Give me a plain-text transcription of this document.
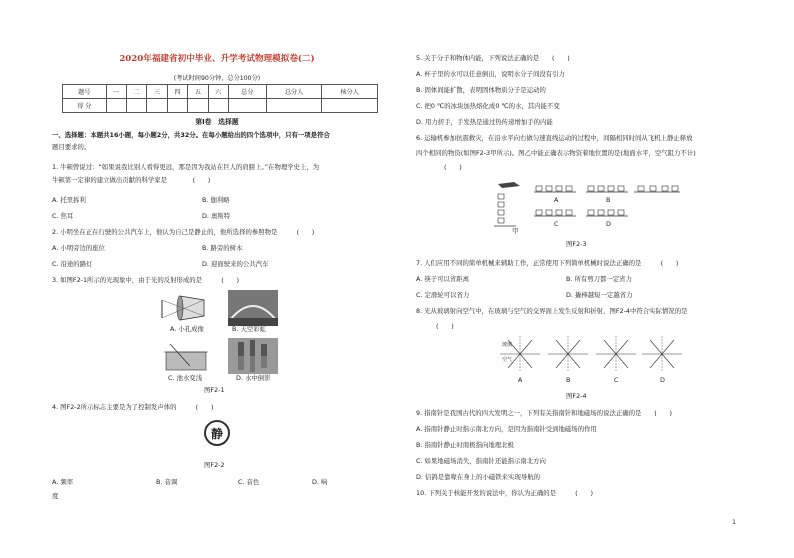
2020年福建省初中毕业、升学考试物理模拟卷(二)
(考试时间90分钟，总分100分)
题号	一	二	三	四	五	六	总分	总分人	核分人
得 分									
第Ⅰ卷　选择题
一、选择题：本题共16小题，每小题2分，共32分。在每小题给出的四个选项中，只有一项是符合
题目要求的。
1. 牛顿曾说过：“如果说我比别人看得更远，那是因为我站在巨人的肩膀上。”在物理学史上，为
牛顿第一定律的建立做出贡献的科学家是　　　　(　　)
A. 托里拆利	B. 伽利略
C. 焦耳	D. 奥斯特
2. 小明坐在正在行驶的公共汽车上，他认为自己是静止的，他所选择的参照物是　　　(　　)
A. 小明旁边的座位	B. 路旁的树木
C. 沿途的路灯	D. 迎面驶来的公共汽车
3. 如图F2-1所示的光现象中，由于光的反射形成的是　　　(　　)
A. 小孔成像	B. 天空彩虹
C. 池水变浅	D. 水中倒影
图F2-1
4. 图F2-2所示标志主要是为了控制发声体的　　　(　　)
静
图F2-2
A. 频率	B. 音调	C. 音色	D. 响
度
5. 关于分子和物体内能，下列说法正确的是　　(　　)
A. 杯子里的水可以任意倒出，说明水分子间没有引力
B. 固体间能扩散，表明固体物质分子是运动的
C. 把0 ℃的冰块加热熔化成0 ℃的水，其内能不变
D. 用力搓手，手发热是通过热传递增加手的内能
6. 运输机参加抗震救灾，在沿水平向右做匀速直线运动的过程中，间隔相同时间从飞机上静止释放
四个相同的物资(如图F2-3甲所示)。图乙中能正确表示物资着地位置的是(地面水平，空气阻力不计)
(　　)
甲
A	B
C	D
图F2-3
7. 人们应用不同的简单机械来辅助工作，正常使用下列简单机械时说法正确的是　　　(　　)
A. 筷子可以省距离	B. 所有剪刀都一定省力
C. 定滑轮可以省力	D. 撬棒越短一定越省力
8. 光从玻璃射向空气中，在玻璃与空气的交界面上发生反射和折射，图F2-4中符合实际情况的是
(　　)
玻璃
空气
A	B	C	D
图F2-4
9. 指南针是我国古代的四大发明之一，下列有关指南针和地磁场的说法正确的是　　(　　)
A. 指南针静止时指示南北方向，是因为指南针受到地磁场的作用
B. 指南针静止时南极指向地理北极
C. 如果地磁场消失，指南针还能指示南北方向
D. 信鸽是靠喙在身上的小磁铁来实现导航的
10. 下列关于核能开发的说法中，你认为正确的是　　　(　　)
1
